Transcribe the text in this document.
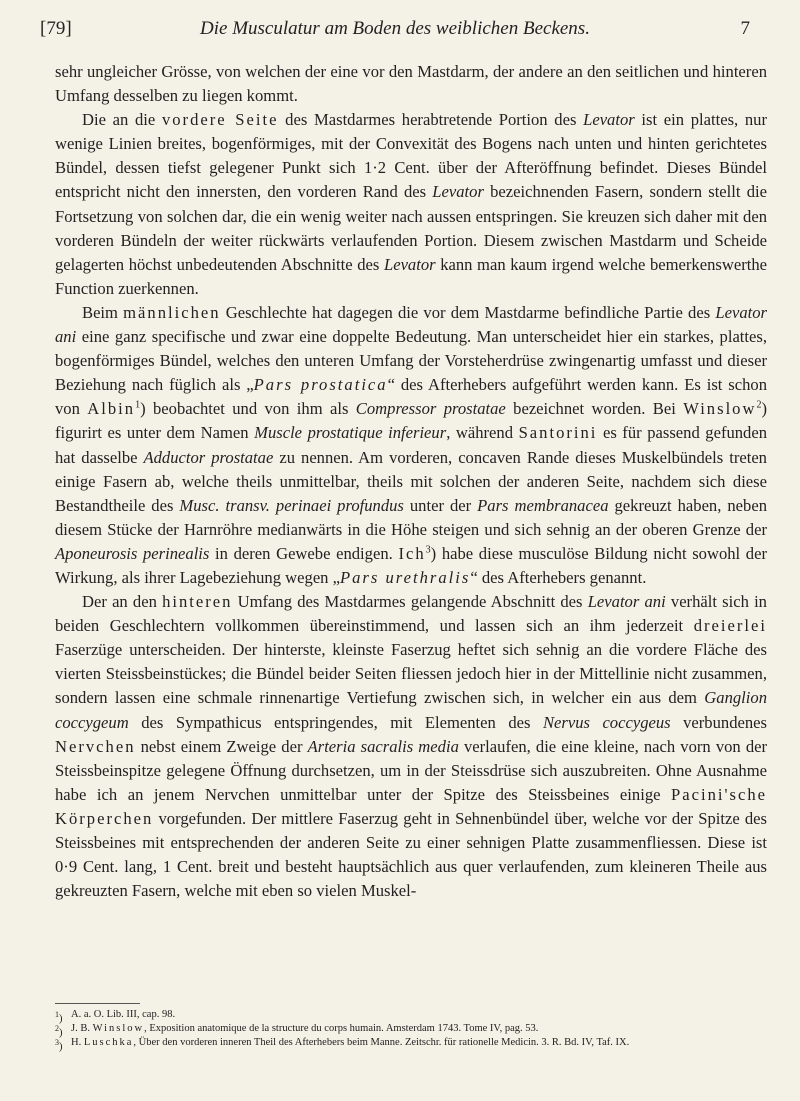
[79]	Die Musculatur am Boden des weiblichen Beckens.	7

sehr ungleicher Grösse, von welchen der eine vor den Mastdarm, der andere an den seitlichen und hinteren Umfang desselben zu liegen kommt.

Die an die vordere Seite des Mastdarmes herabtretende Portion des Levator ist ein plattes, nur wenige Linien breites, bogenförmiges, mit der Convexität des Bogens nach unten und hinten gerichtetes Bündel, dessen tiefst gelegener Punkt sich 1·2 Cent. über der Afteröffnung befindet. Dieses Bündel entspricht nicht den innersten, den vorderen Rand des Levator bezeichnenden Fasern, sondern stellt die Fortsetzung von solchen dar, die ein wenig weiter nach aussen entspringen. Sie kreuzen sich daher mit den vorderen Bündeln der weiter rückwärts verlaufenden Portion. Diesem zwischen Mastdarm und Scheide gelagerten höchst unbedeutenden Abschnitte des Levator kann man kaum irgend welche bemerkenswerthe Function zuerkennen.

Beim männlichen Geschlechte hat dagegen die vor dem Mastdarme befindliche Partie des Levator ani eine ganz specifische und zwar eine doppelte Bedeutung. Man unterscheidet hier ein starkes, plattes, bogenförmiges Bündel, welches den unteren Umfang der Vorsteherdrüse zwingenartig umfasst und dieser Beziehung nach füglich als „Pars prostatica“ des Afterhebers aufgeführt werden kann. Es ist schon von Albin$^1$) beobachtet und von ihm als Compressor prostatae bezeichnet worden. Bei Winslow$^2$) figurirt es unter dem Namen Muscle prostatique inferieur, während Santorini es für passend gefunden hat dasselbe Adductor prostatae zu nennen. Am vorderen, concaven Rande dieses Muskelbündels treten einige Fasern ab, welche theils unmittelbar, theils mit solchen der anderen Seite, nachdem sich diese Bestandtheile des Musc. transv. perinaei profundus unter der Pars membranacea gekreuzt haben, neben diesem Stücke der Harnröhre medianwärts in die Höhe steigen und sich sehnig an der oberen Grenze der Aponeurosis perinealis in deren Gewebe endigen. Ich$^3$) habe diese musculöse Bildung nicht sowohl der Wirkung, als ihrer Lagebeziehung wegen „Pars urethralis“ des Afterhebers genannt.

Der an den hinteren Umfang des Mastdarmes gelangende Abschnitt des Levator ani verhält sich in beiden Geschlechtern vollkommen übereinstimmend, und lassen sich an ihm jederzeit dreierlei Faserzüge unterscheiden. Der hinterste, kleinste Faserzug heftet sich sehnig an die vordere Fläche des vierten Steissbeinstückes; die Bündel beider Seiten fliessen jedoch hier in der Mittellinie nicht zusammen, sondern lassen eine schmale rinnenartige Vertiefung zwischen sich, in welcher ein aus dem Ganglion coccygeum des Sympathicus entspringendes, mit Elementen des Nervus coccygeus verbundenes Nervchen nebst einem Zweige der Arteria sacralis media verlaufen, die eine kleine, nach vorn von der Steissbeinspitze gelegene Öffnung durchsetzen, um in der Steissdrüse sich auszubreiten. Ohne Ausnahme habe ich an jenem Nervchen unmittelbar unter der Spitze des Steissbeines einige Pacini'sche Körperchen vorgefunden. Der mittlere Faserzug geht in Sehnenbündel über, welche vor der Spitze des Steissbeines mit entsprechenden der anderen Seite zu einer sehnigen Platte zusammenfliessen. Diese ist 0·9 Cent. lang, 1 Cent. breit und besteht hauptsächlich aus quer verlaufenden, zum kleineren Theile aus gekreuzten Fasern, welche mit eben so vielen Muskel-

$^1$) A. a. O. Lib. III, cap. 98.
$^2$) J. B. Winslow, Exposition anatomique de la structure du corps humain. Amsterdam 1743. Tome IV, pag. 53.
$^3$) H. Luschka, Über den vorderen inneren Theil des Afterhebers beim Manne. Zeitschr. für rationelle Medicin. 3. R. Bd. IV, Taf. IX.
